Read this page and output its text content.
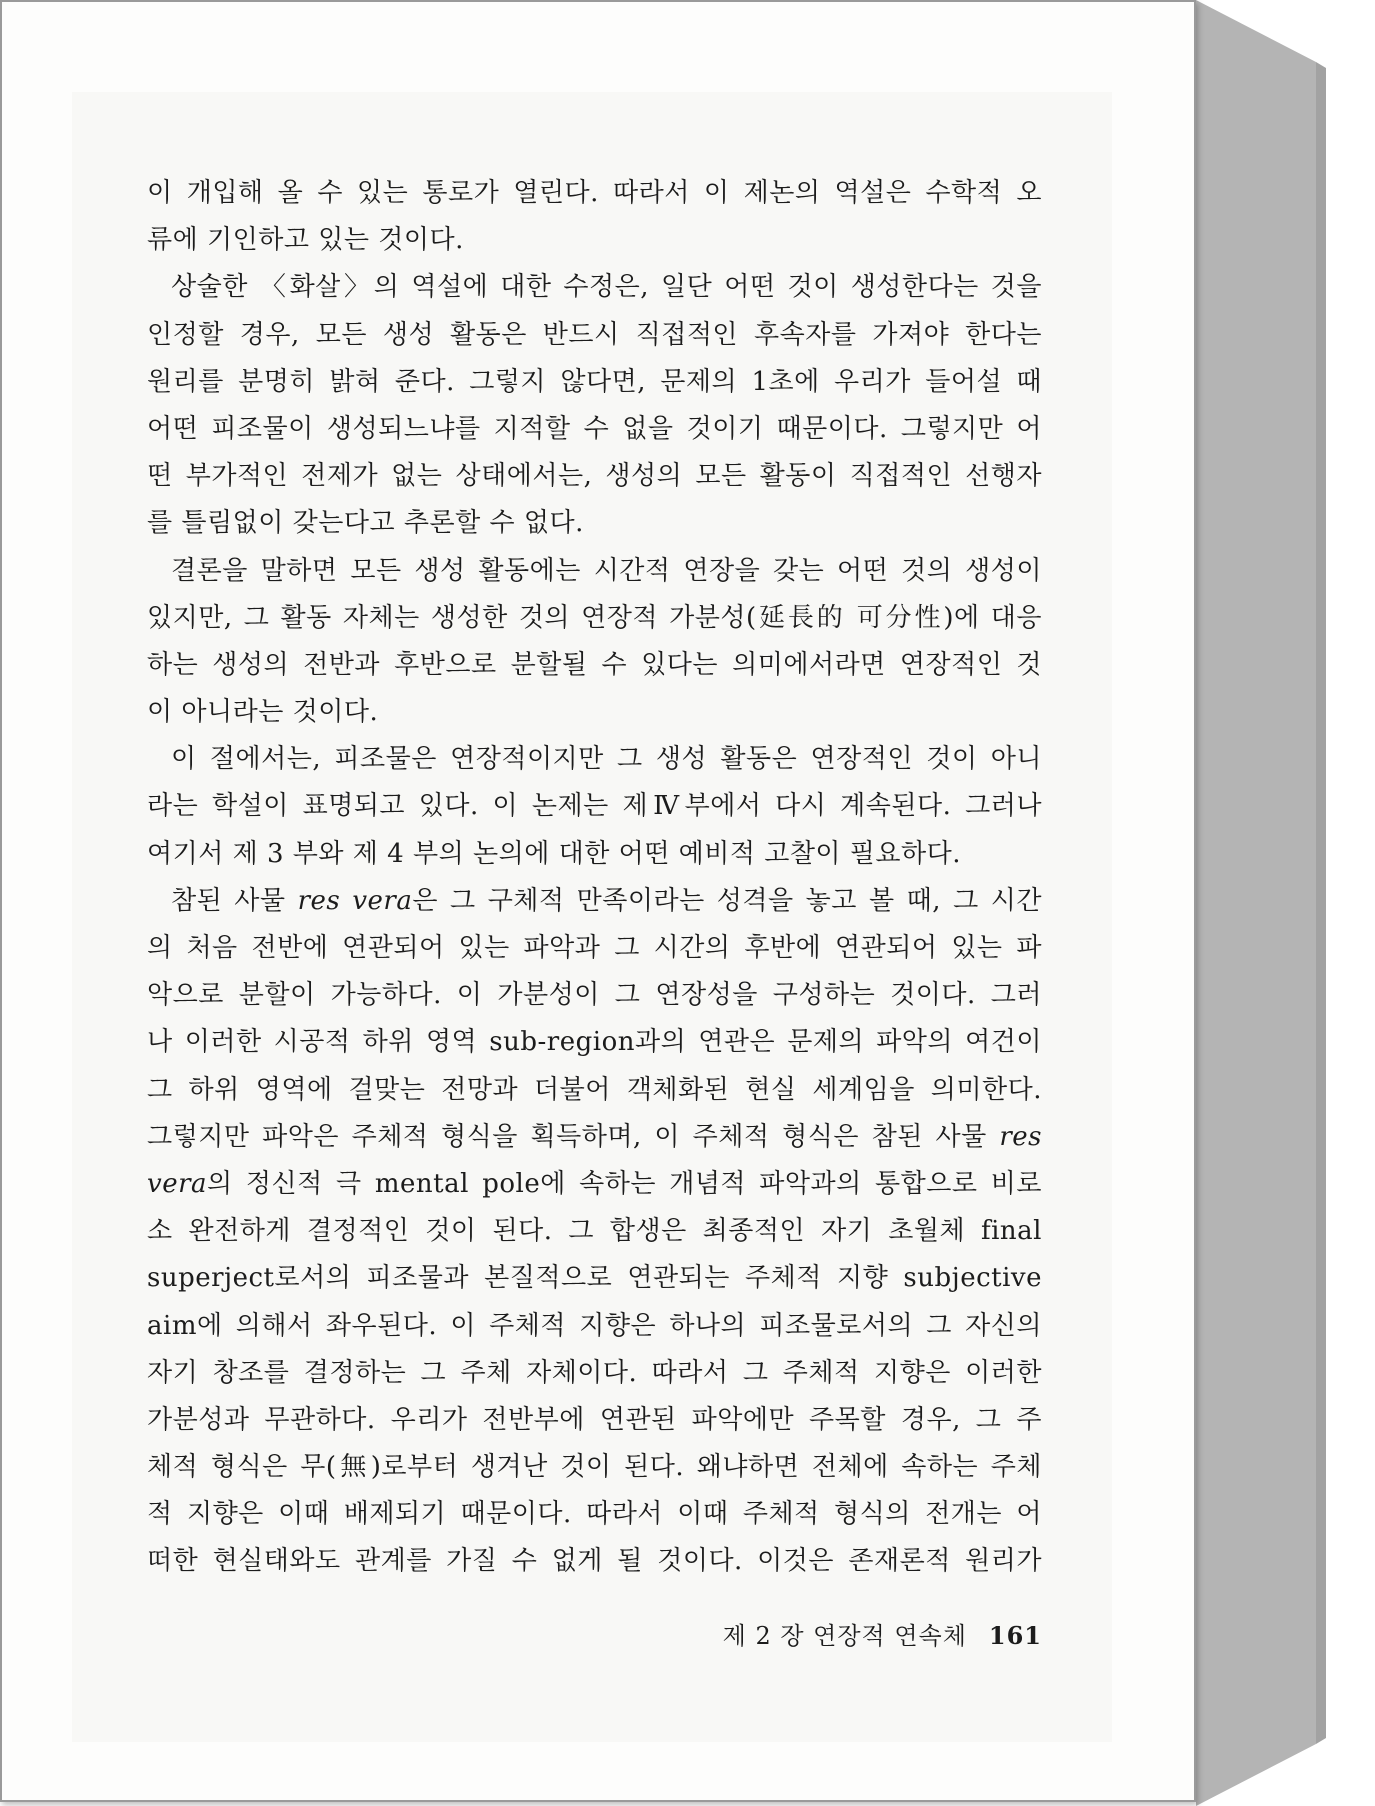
이 개입해 올 수 있는 통로가 열린다. 따라서 이 제논의 역설은 수학적 오
류에 기인하고 있는 것이다.
상술한 〈화살〉의 역설에 대한 수정은, 일단 어떤 것이 생성한다는 것을
인정할 경우, 모든 생성 활동은 반드시 직접적인 후속자를 가져야 한다는
원리를 분명히 밝혀 준다. 그렇지 않다면, 문제의 1초에 우리가 들어설 때
어떤 피조물이 생성되느냐를 지적할 수 없을 것이기 때문이다. 그렇지만 어
떤 부가적인 전제가 없는 상태에서는, 생성의 모든 활동이 직접적인 선행자
를 틀림없이 갖는다고 추론할 수 없다.
결론을 말하면 모든 생성 활동에는 시간적 연장을 갖는 어떤 것의 생성이
있지만, 그 활동 자체는 생성한 것의 연장적 가분성(延長的 可分性)에 대응
하는 생성의 전반과 후반으로 분할될 수 있다는 의미에서라면 연장적인 것
이 아니라는 것이다.
이 절에서는, 피조물은 연장적이지만 그 생성 활동은 연장적인 것이 아니
라는 학설이 표명되고 있다. 이 논제는 제Ⅳ부에서 다시 계속된다. 그러나
여기서 제 3 부와 제 4 부의 논의에 대한 어떤 예비적 고찰이 필요하다.
참된 사물 res vera은 그 구체적 만족이라는 성격을 놓고 볼 때, 그 시간
의 처음 전반에 연관되어 있는 파악과 그 시간의 후반에 연관되어 있는 파
악으로 분할이 가능하다. 이 가분성이 그 연장성을 구성하는 것이다. 그러
나 이러한 시공적 하위 영역 sub-region과의 연관은 문제의 파악의 여건이
그 하위 영역에 걸맞는 전망과 더불어 객체화된 현실 세계임을 의미한다.
그렇지만 파악은 주체적 형식을 획득하며, 이 주체적 형식은 참된 사물 res
vera의 정신적 극 mental pole에 속하는 개념적 파악과의 통합으로 비로
소 완전하게 결정적인 것이 된다. 그 합생은 최종적인 자기 초월체 final
superject로서의 피조물과 본질적으로 연관되는 주체적 지향 subjective
aim에 의해서 좌우된다. 이 주체적 지향은 하나의 피조물로서의 그 자신의
자기 창조를 결정하는 그 주체 자체이다. 따라서 그 주체적 지향은 이러한
가분성과 무관하다. 우리가 전반부에 연관된 파악에만 주목할 경우, 그 주
체적 형식은 무(無)로부터 생겨난 것이 된다. 왜냐하면 전체에 속하는 주체
적 지향은 이때 배제되기 때문이다. 따라서 이때 주체적 형식의 전개는 어
떠한 현실태와도 관계를 가질 수 없게 될 것이다. 이것은 존재론적 원리가
제 2 장 연장적 연속체 161
